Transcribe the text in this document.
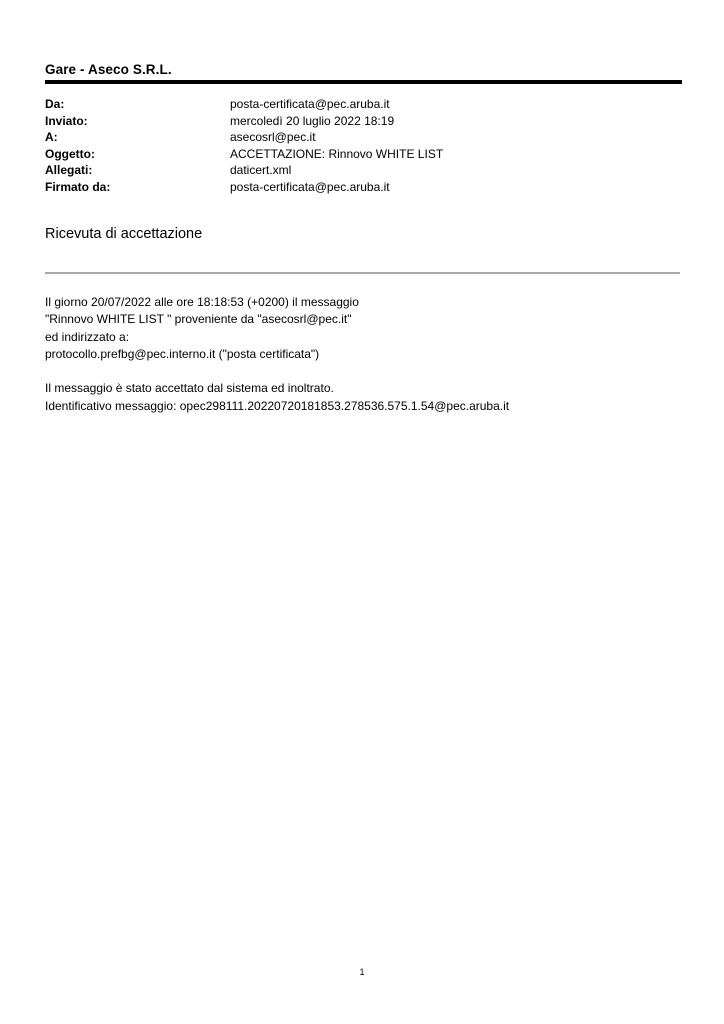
Gare - Aseco S.R.L.
Da:	posta-certificata@pec.aruba.it
Inviato:	mercoledì 20 luglio 2022 18:19
A:	asecosrl@pec.it
Oggetto:	ACCETTAZIONE: Rinnovo WHITE LIST
Allegati:	daticert.xml
Firmato da:	posta-certificata@pec.aruba.it
Ricevuta di accettazione
Il giorno 20/07/2022 alle ore 18:18:53 (+0200) il messaggio
"Rinnovo WHITE LIST " proveniente da "asecosrl@pec.it"
ed indirizzato a:
protocollo.prefbg@pec.interno.it ("posta certificata")
Il messaggio è stato accettato dal sistema ed inoltrato.
Identificativo messaggio: opec298111.20220720181853.278536.575.1.54@pec.aruba.it
1
